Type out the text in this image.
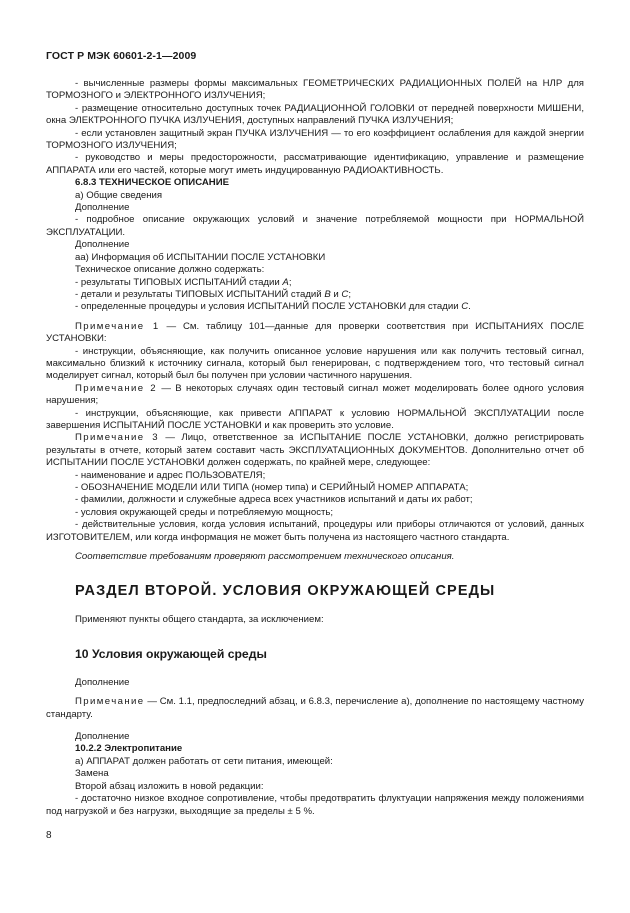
ГОСТ Р МЭК 60601-2-1—2009

- вычисленные размеры формы максимальных ГЕОМЕТРИЧЕСКИХ РАДИАЦИОННЫХ ПОЛЕЙ на НЛР для ТОРМОЗНОГО и ЭЛЕКТРОННОГО ИЗЛУЧЕНИЯ;

- размещение относительно доступных точек РАДИАЦИОННОЙ ГОЛОВКИ от передней поверхности МИШЕНИ, окна ЭЛЕКТРОННОГО ПУЧКА ИЗЛУЧЕНИЯ, доступных направлений ПУЧКА ИЗЛУЧЕНИЯ;

- если установлен защитный экран ПУЧКА ИЗЛУЧЕНИЯ — то его коэффициент ослабления для каждой энергии ТОРМОЗНОГО ИЗЛУЧЕНИЯ;

- руководство и меры предосторожности, рассматривающие идентификацию, управление и размещение АППАРАТА или его частей, которые могут иметь индуцированную РАДИОАКТИВНОСТЬ.

6.8.3 ТЕХНИЧЕСКОЕ ОПИСАНИЕ

а) Общие сведения

Дополнение

- подробное описание окружающих условий и значение потребляемой мощности при НОРМАЛЬНОЙ ЭКСПЛУАТАЦИИ.

Дополнение

аа) Информация об ИСПЫТАНИИ ПОСЛЕ УСТАНОВКИ

Техническое описание должно содержать:

- результаты ТИПОВЫХ ИСПЫТАНИЙ стадии А;

- детали и результаты ТИПОВЫХ ИСПЫТАНИЙ стадий В и С;

- определенные процедуры и условия ИСПЫТАНИЙ ПОСЛЕ УСТАНОВКИ для стадии С.

Примечание 1 — См. таблицу 101—данные для проверки соответствия при ИСПЫТАНИЯХ ПОСЛЕ УСТАНОВКИ:

- инструкции, объясняющие, как получить описанное условие нарушения или как получить тестовый сигнал, максимально близкий к источнику сигнала, который был генерирован, с подтверждением того, что тестовый сигнал моделирует сигнал, который был бы получен при условии частичного нарушения.

Примечание 2 — В некоторых случаях один тестовый сигнал может моделировать более одного условия нарушения;

- инструкции, объясняющие, как привести АППАРАТ к условию НОРМАЛЬНОЙ ЭКСПЛУАТАЦИИ после завершения ИСПЫТАНИЙ ПОСЛЕ УСТАНОВКИ и как проверить это условие.

Примечание 3 — Лицо, ответственное за ИСПЫТАНИЕ ПОСЛЕ УСТАНОВКИ, должно регистрировать результаты в отчете, который затем составит часть ЭКСПЛУАТАЦИОННЫХ ДОКУМЕНТОВ. Дополнительно отчет об ИСПЫТАНИИ ПОСЛЕ УСТАНОВКИ должен содержать, по крайней мере, следующее:

- наименование и адрес ПОЛЬЗОВАТЕЛЯ;

- ОБОЗНАЧЕНИЕ МОДЕЛИ ИЛИ ТИПА (номер типа) и СЕРИЙНЫЙ НОМЕР АППАРАТА;

- фамилии, должности и служебные адреса всех участников испытаний и даты их работ;

- условия окружающей среды и потребляемую мощность;

- действительные условия, когда условия испытаний, процедуры или приборы отличаются от условий, данных ИЗГОТОВИТЕЛЕМ, или когда информация не может быть получена из настоящего частного стандарта.

Соответствие требованиям проверяют рассмотрением технического описания.

РАЗДЕЛ ВТОРОЙ. УСЛОВИЯ ОКРУЖАЮЩЕЙ СРЕДЫ

Применяют пункты общего стандарта, за исключением:

10 Условия окружающей среды

Дополнение

Примечание — См. 1.1, предпоследний абзац, и 6.8.3, перечисление а), дополнение по настоящему частному стандарту.

Дополнение

10.2.2 Электропитание

а) АППАРАТ должен работать от сети питания, имеющей:

Замена

Второй абзац изложить в новой редакции:

- достаточно низкое входное сопротивление, чтобы предотвратить флуктуации напряжения между положениями под нагрузкой и без нагрузки, выходящие за пределы ± 5 %.

8
